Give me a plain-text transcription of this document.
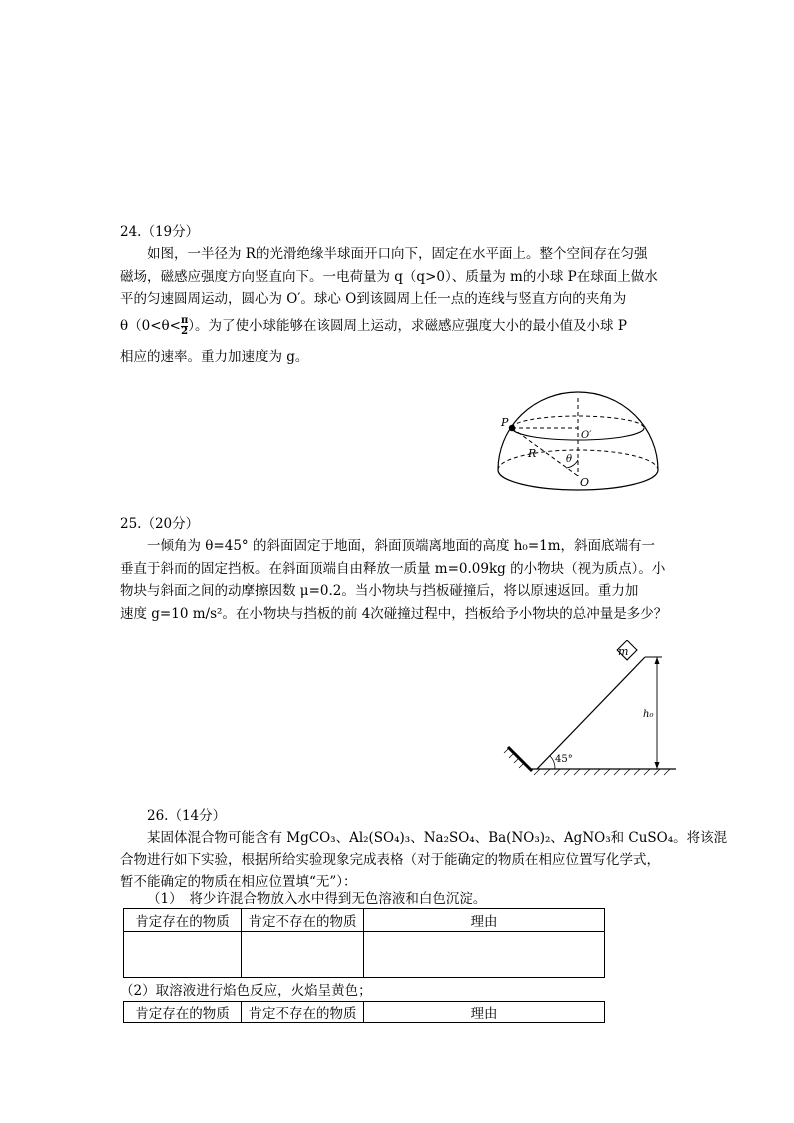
24.（19分）
如图，一半径为 R的光滑绝缘半球面开口向下，固定在水平面上。整个空间存在匀强
磁场，磁感应强度方向竖直向下。一电荷量为 q（q>0）、质量为 m的小球 P在球面上做水
平的匀速圆周运动，圆心为 O′。球心 O到该圆周上任一点的连线与竖直方向的夹角为
$\theta(0<\theta< \frac{\pi}{2}$ ）。为了使小球能够在该圆周上运动，求磁感应强度大小的最小值及小球 P
相应的速率。重力加速度为 g。
P
O′
R	θ
O
25.（20分）
一倾角为 θ=45° 的斜面固定于地面，斜面顶端离地面的高度 h₀=1m，斜面底端有一
垂直于斜而的固定挡板。在斜面顶端自由释放一质量 m=0.09kg 的小物块（视为质点）。小
物块与斜面之间的动摩擦因数 μ=0.2。当小物块与挡板碰撞后，将以原速返回。重力加
速度 g=10 m/s²。在小物块与挡板的前 4次碰撞过程中，挡板给予小物块的总冲量是多少？
m
h₀
45°
26.（14分）
某固体混合物可能含有 MgCO₃、Al₂(SO₄)₃、Na₂SO₄、Ba(NO₃)₂、AgNO₃和 CuSO₄。将该混
合物进行如下实验，根据所给实验现象完成表格（对于能确定的物质在相应位置写化学式，
暂不能确定的物质在相应位置填“无”）：
（1）　将少许混合物放入水中得到无色溶液和白色沉淀。
肯定存在的物质	肯定不存在的物质	理由

（2）取溶液进行焰色反应，火焰呈黄色；
肯定存在的物质	肯定不存在的物质	理由
